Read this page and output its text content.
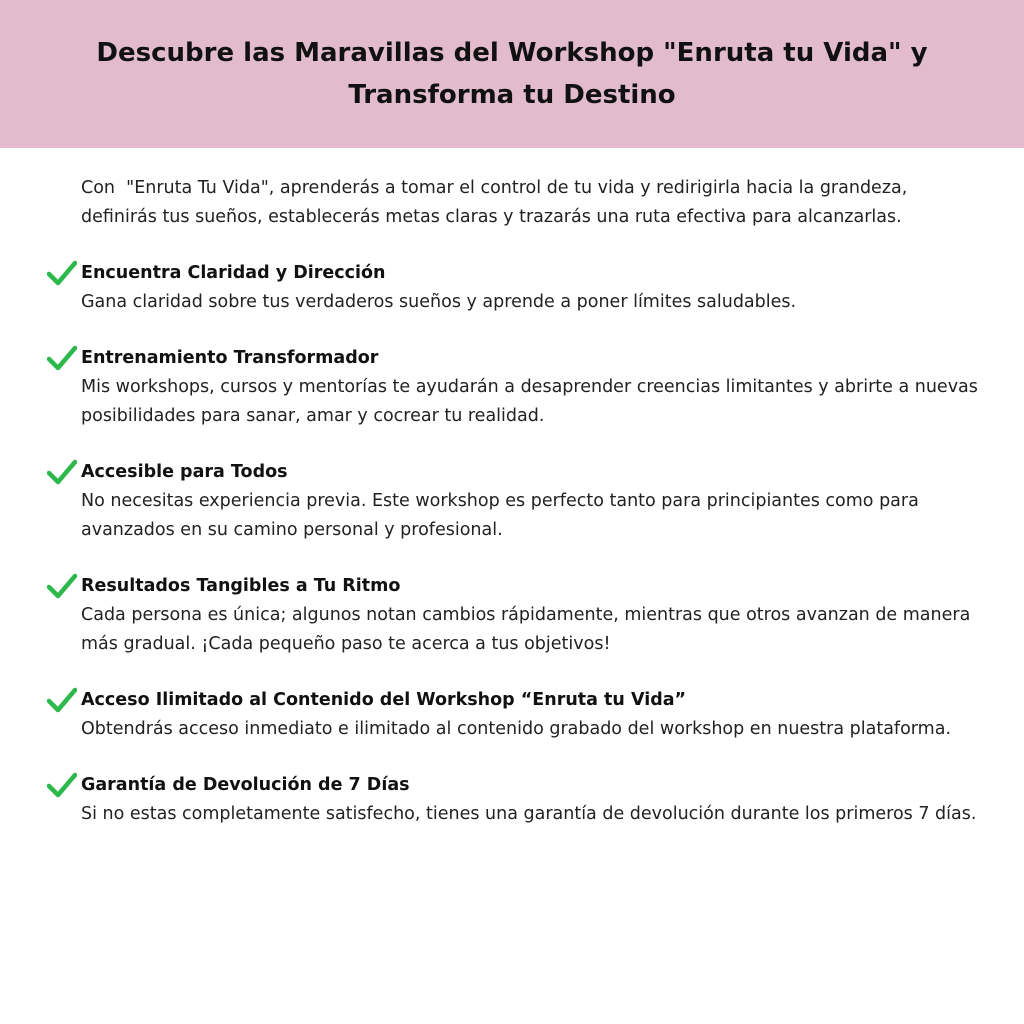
Descubre las Maravillas del Workshop "Enruta tu Vida" y Transforma tu Destino

Con  "Enruta Tu Vida", aprenderás a tomar el control de tu vida y redirigirla hacia la grandeza, definirás tus sueños, establecerás metas claras y trazarás una ruta efectiva para alcanzarlas.

Encuentra Claridad y Dirección

Gana claridad sobre tus verdaderos sueños y aprende a poner límites saludables.

Entrenamiento Transformador

Mis workshops, cursos y mentorías te ayudarán a desaprender creencias limitantes y abrirte a nuevas posibilidades para sanar, amar y cocrear tu realidad.

Accesible para Todos

No necesitas experiencia previa. Este workshop es perfecto tanto para principiantes como para avanzados en su camino personal y profesional.

Resultados Tangibles a Tu Ritmo

Cada persona es única; algunos notan cambios rápidamente, mientras que otros avanzan de manera más gradual. ¡Cada pequeño paso te acerca a tus objetivos!

Acceso Ilimitado al Contenido del Workshop “Enruta tu Vida”

Obtendrás acceso inmediato e ilimitado al contenido grabado del workshop en nuestra plataforma.

Garantía de Devolución de 7 Días

Si no estas completamente satisfecho, tienes una garantía de devolución durante los primeros 7 días.
